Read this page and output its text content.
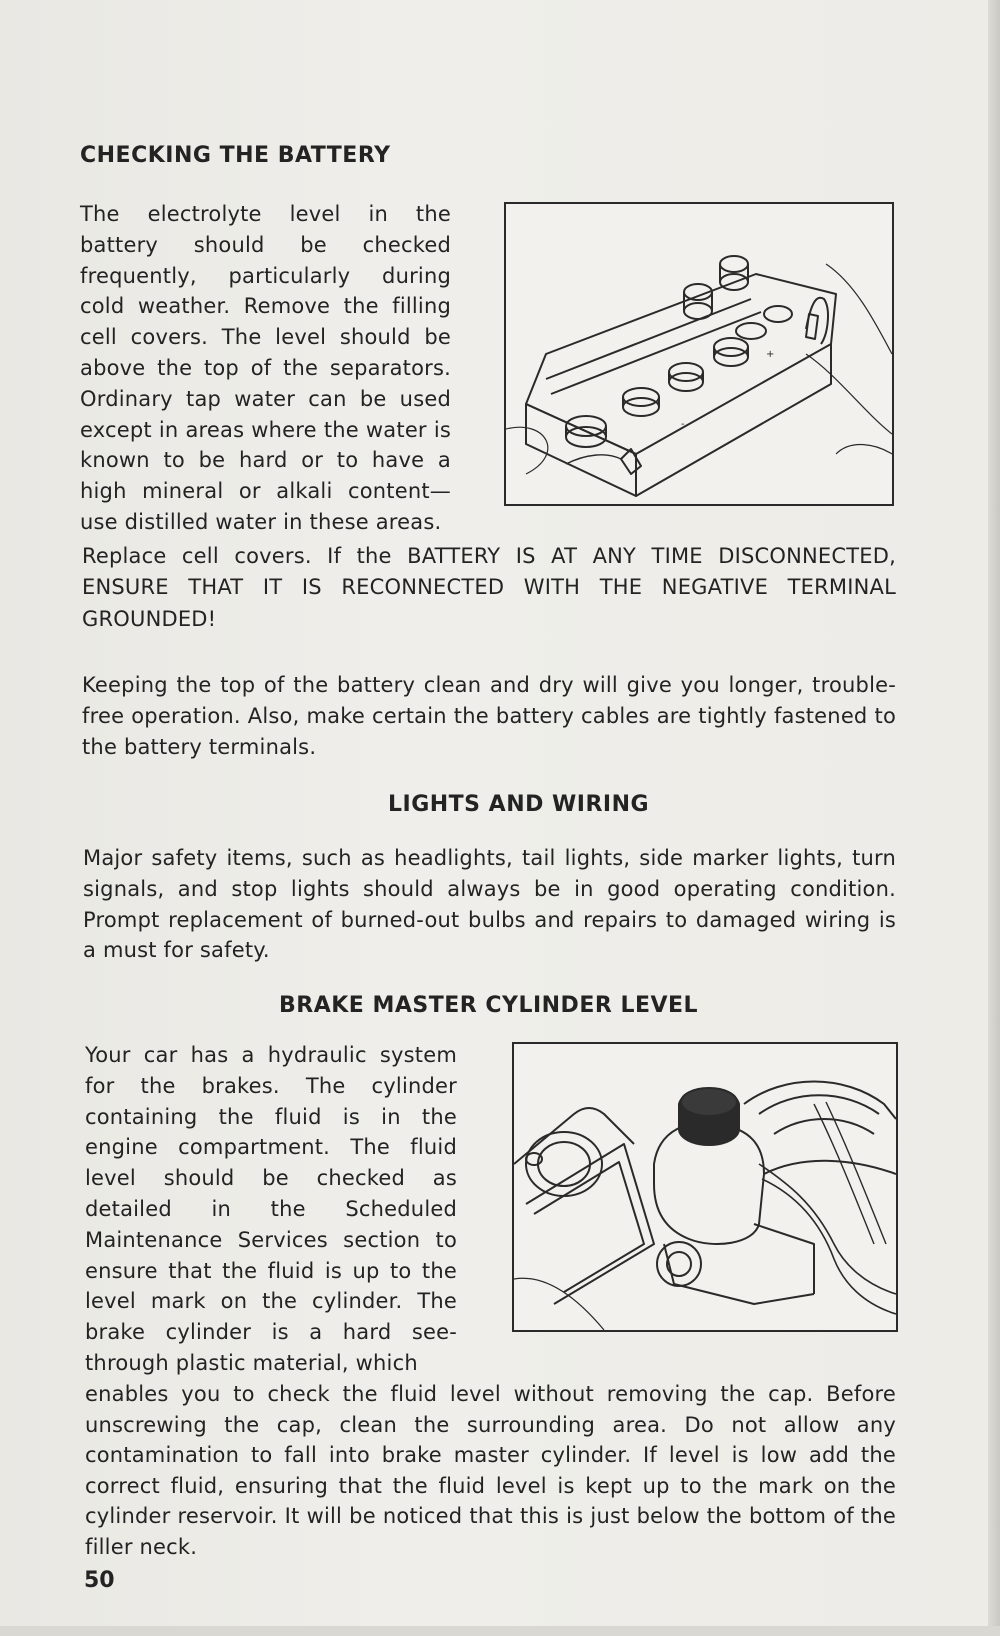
CHECKING THE BATTERY

The electrolyte level in the battery should be checked frequently, particularly during cold weather. Remove the filling cell covers. The level should be above the top of the separators. Ordinary tap water can be used except in areas where the water is known to be hard or to have a high mineral or alkali content—use distilled water in these areas.

+
-

Replace cell covers. If the BATTERY IS AT ANY TIME DISCONNECTED, ENSURE THAT IT IS RECONNECTED WITH THE NEGATIVE TERMINAL GROUNDED!

Keeping the top of the battery clean and dry will give you longer, trouble-free operation. Also, make certain the battery cables are tightly fastened to the battery terminals.

LIGHTS AND WIRING

Major safety items, such as headlights, tail lights, side marker lights, turn signals, and stop lights should always be in good operating condition. Prompt replacement of burned-out bulbs and repairs to damaged wiring is a must for safety.

BRAKE MASTER CYLINDER LEVEL

Your car has a hydraulic system for the brakes. The cylinder containing the fluid is in the engine compartment. The fluid level should be checked as detailed in the Scheduled Maintenance Services section to ensure that the fluid is up to the level mark on the cylinder. The brake cylinder is a hard see-through plastic material, which

enables you to check the fluid level without removing the cap. Before unscrewing the cap, clean the surrounding area. Do not allow any contamination to fall into brake master cylinder. If level is low add the correct fluid, ensuring that the fluid level is kept up to the mark on the cylinder reservoir. It will be noticed that this is just below the bottom of the filler neck.

50
